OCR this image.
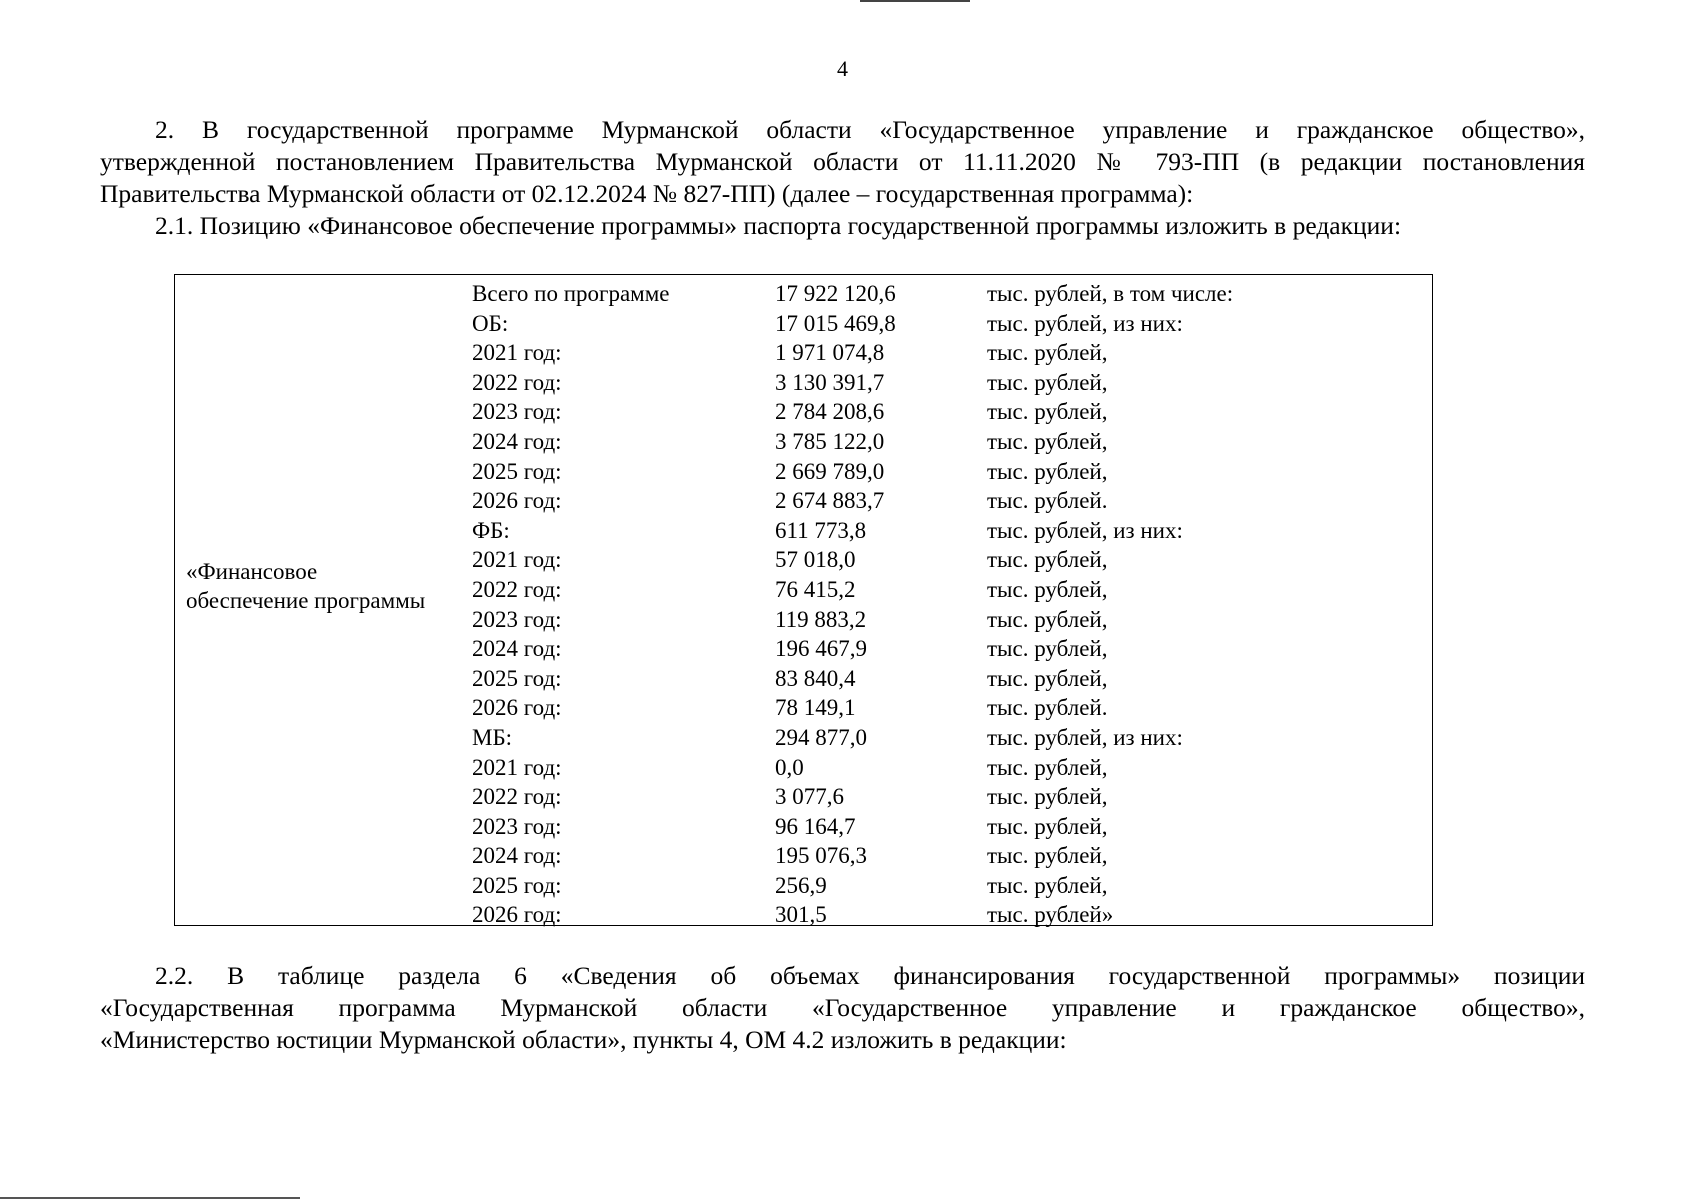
4
2. В государственной программе Мурманской области «Государственное управление и гражданское общество»,
утвержденной постановлением Правительства Мурманской области от 11.11.2020 № 793-ПП (в редакции постановления
Правительства Мурманской области от 02.12.2024 № 827-ПП) (далее – государственная программа):
2.1. Позицию «Финансовое обеспечение программы» паспорта государственной программы изложить в редакции:
«Финансовое
обеспечение программы
Всего по программе	17 922 120,6	тыс. рублей, в том числе:
ОБ:	17 015 469,8	тыс. рублей, из них:
2021 год:	1 971 074,8	тыс. рублей,
2022 год:	3 130 391,7	тыс. рублей,
2023 год:	2 784 208,6	тыс. рублей,
2024 год:	3 785 122,0	тыс. рублей,
2025 год:	2 669 789,0	тыс. рублей,
2026 год:	2 674 883,7	тыс. рублей.
ФБ:	611 773,8	тыс. рублей, из них:
2021 год:	57 018,0	тыс. рублей,
2022 год:	76 415,2	тыс. рублей,
2023 год:	119 883,2	тыс. рублей,
2024 год:	196 467,9	тыс. рублей,
2025 год:	83 840,4	тыс. рублей,
2026 год:	78 149,1	тыс. рублей.
МБ:	294 877,0	тыс. рублей, из них:
2021 год:	0,0	тыс. рублей,
2022 год:	3 077,6	тыс. рублей,
2023 год:	96 164,7	тыс. рублей,
2024 год:	195 076,3	тыс. рублей,
2025 год:	256,9	тыс. рублей,
2026 год:	301,5	тыс. рублей»
2.2. В таблице раздела 6 «Сведения об объемах финансирования государственной программы» позиции
«Государственная программа Мурманской области «Государственное управление и гражданское общество»,
«Министерство юстиции Мурманской области», пункты 4, ОМ 4.2 изложить в редакции:
